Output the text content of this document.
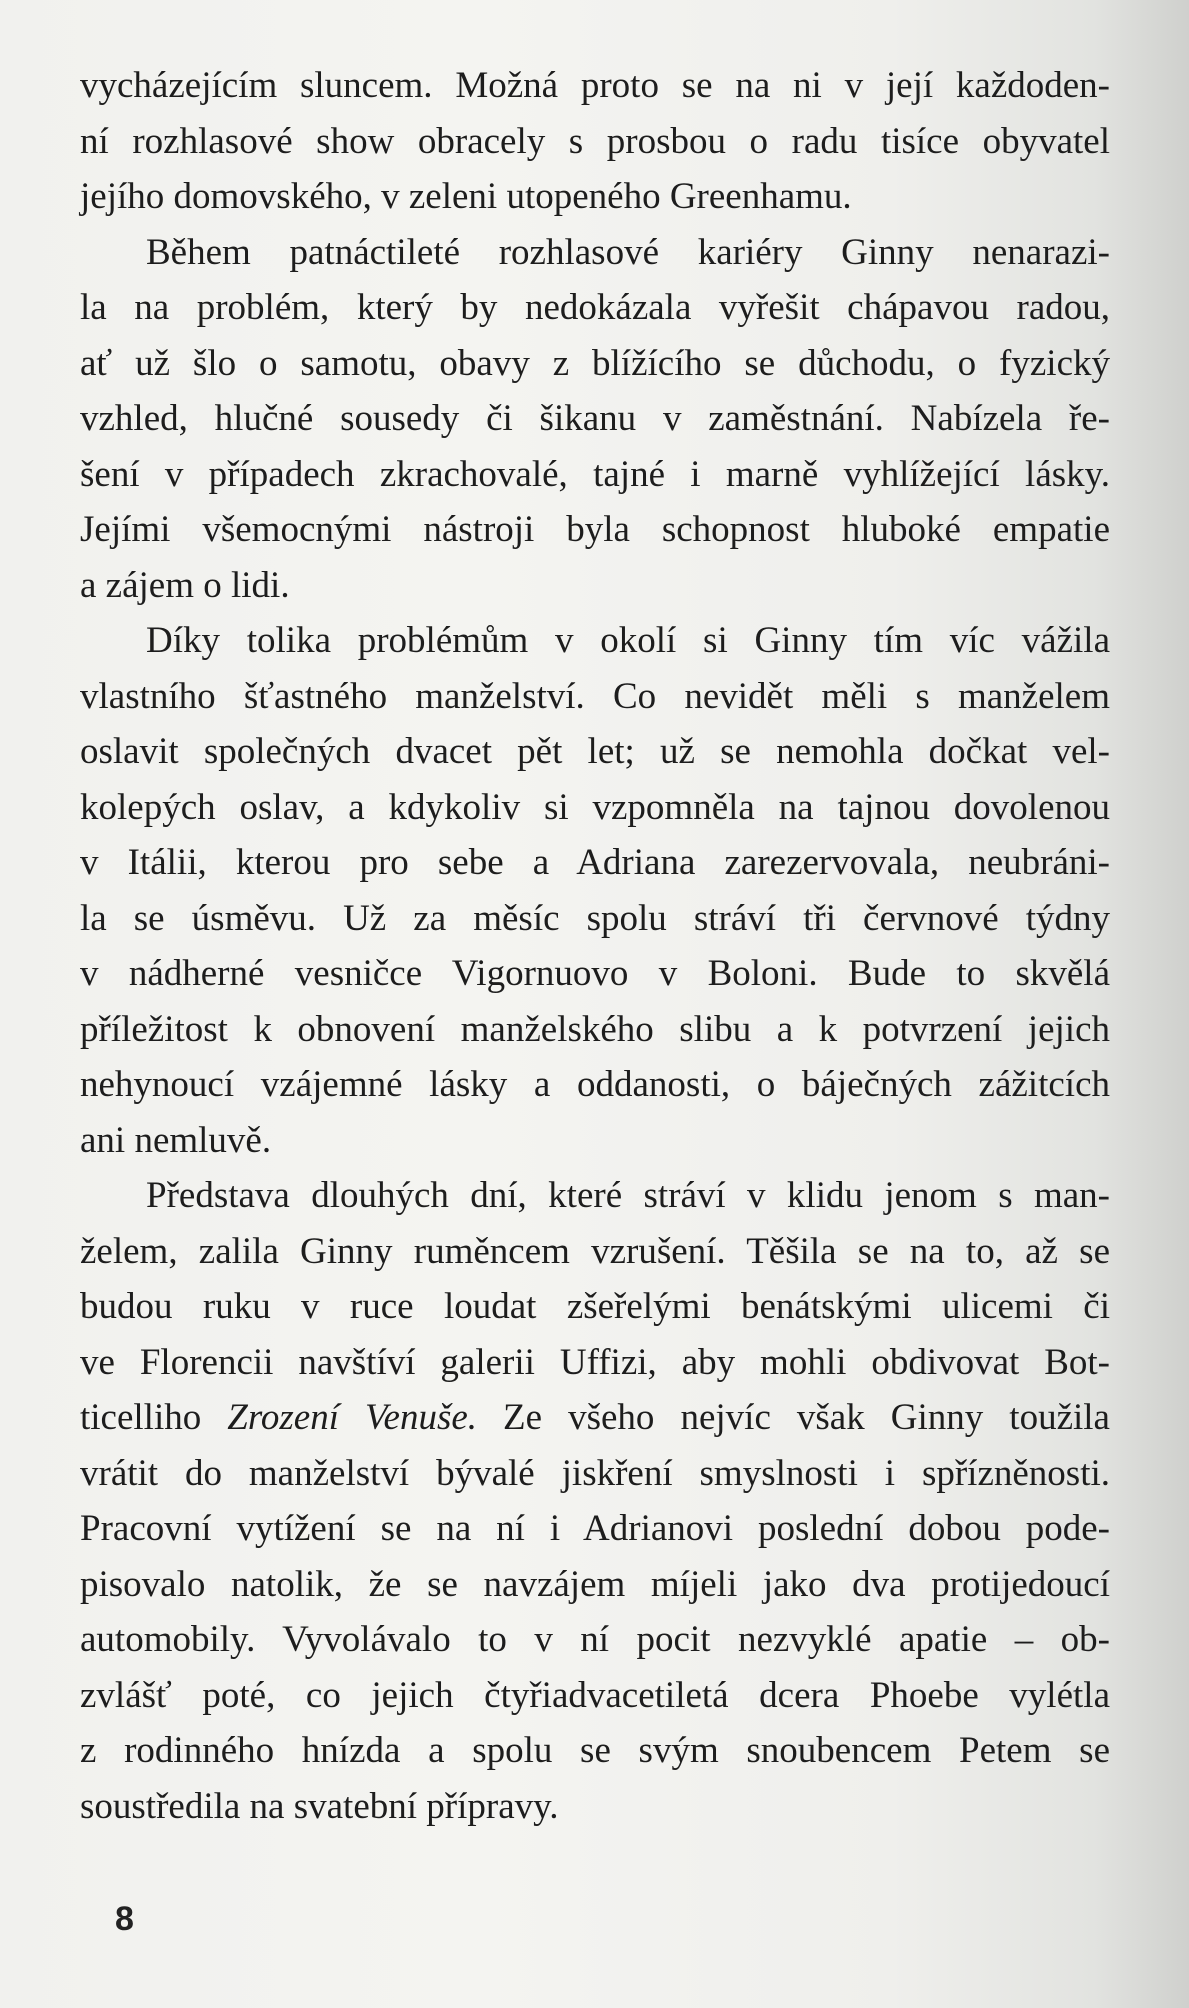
vycházejícím sluncem. Možná proto se na ni v její každoden-
ní rozhlasové show obracely s prosbou o radu tisíce obyvatel
jejího domovského, v zeleni utopeného Greenhamu.
Během patnáctileté rozhlasové kariéry Ginny nenarazi-
la na problém, který by nedokázala vyřešit chápavou radou,
ať už šlo o samotu, obavy z blížícího se důchodu, o fyzický
vzhled, hlučné sousedy či šikanu v zaměstnání. Nabízela ře-
šení v případech zkrachovalé, tajné i marně vyhlížející lásky.
Jejími všemocnými nástroji byla schopnost hluboké empatie
a zájem o lidi.
Díky tolika problémům v okolí si Ginny tím víc vážila
vlastního šťastného manželství. Co nevidět měli s manželem
oslavit společných dvacet pět let; už se nemohla dočkat vel-
kolepých oslav, a kdykoliv si vzpomněla na tajnou dovolenou
v Itálii, kterou pro sebe a Adriana zarezervovala, neubráni-
la se úsměvu. Už za měsíc spolu stráví tři červnové týdny
v nádherné vesničce Vigornuovo v Boloni. Bude to skvělá
příležitost k obnovení manželského slibu a k potvrzení jejich
nehynoucí vzájemné lásky a oddanosti, o báječných zážitcích
ani nemluvě.
Představa dlouhých dní, které stráví v klidu jenom s man-
želem, zalila Ginny ruměncem vzrušení. Těšila se na to, až se
budou ruku v ruce loudat zšeřelými benátskými ulicemi či
ve Florencii navštíví galerii Uffizi, aby mohli obdivovat Bot-
ticelliho Zrození Venuše. Ze všeho nejvíc však Ginny toužila
vrátit do manželství bývalé jiskření smyslnosti i spřízněnosti.
Pracovní vytížení se na ní i Adrianovi poslední dobou pode-
pisovalo natolik, že se navzájem míjeli jako dva protijedoucí
automobily. Vyvolávalo to v ní pocit nezvyklé apatie – ob-
zvlášť poté, co jejich čtyřiadvacetiletá dcera Phoebe vylétla
z rodinného hnízda a spolu se svým snoubencem Petem se
soustředila na svatební přípravy.
8
